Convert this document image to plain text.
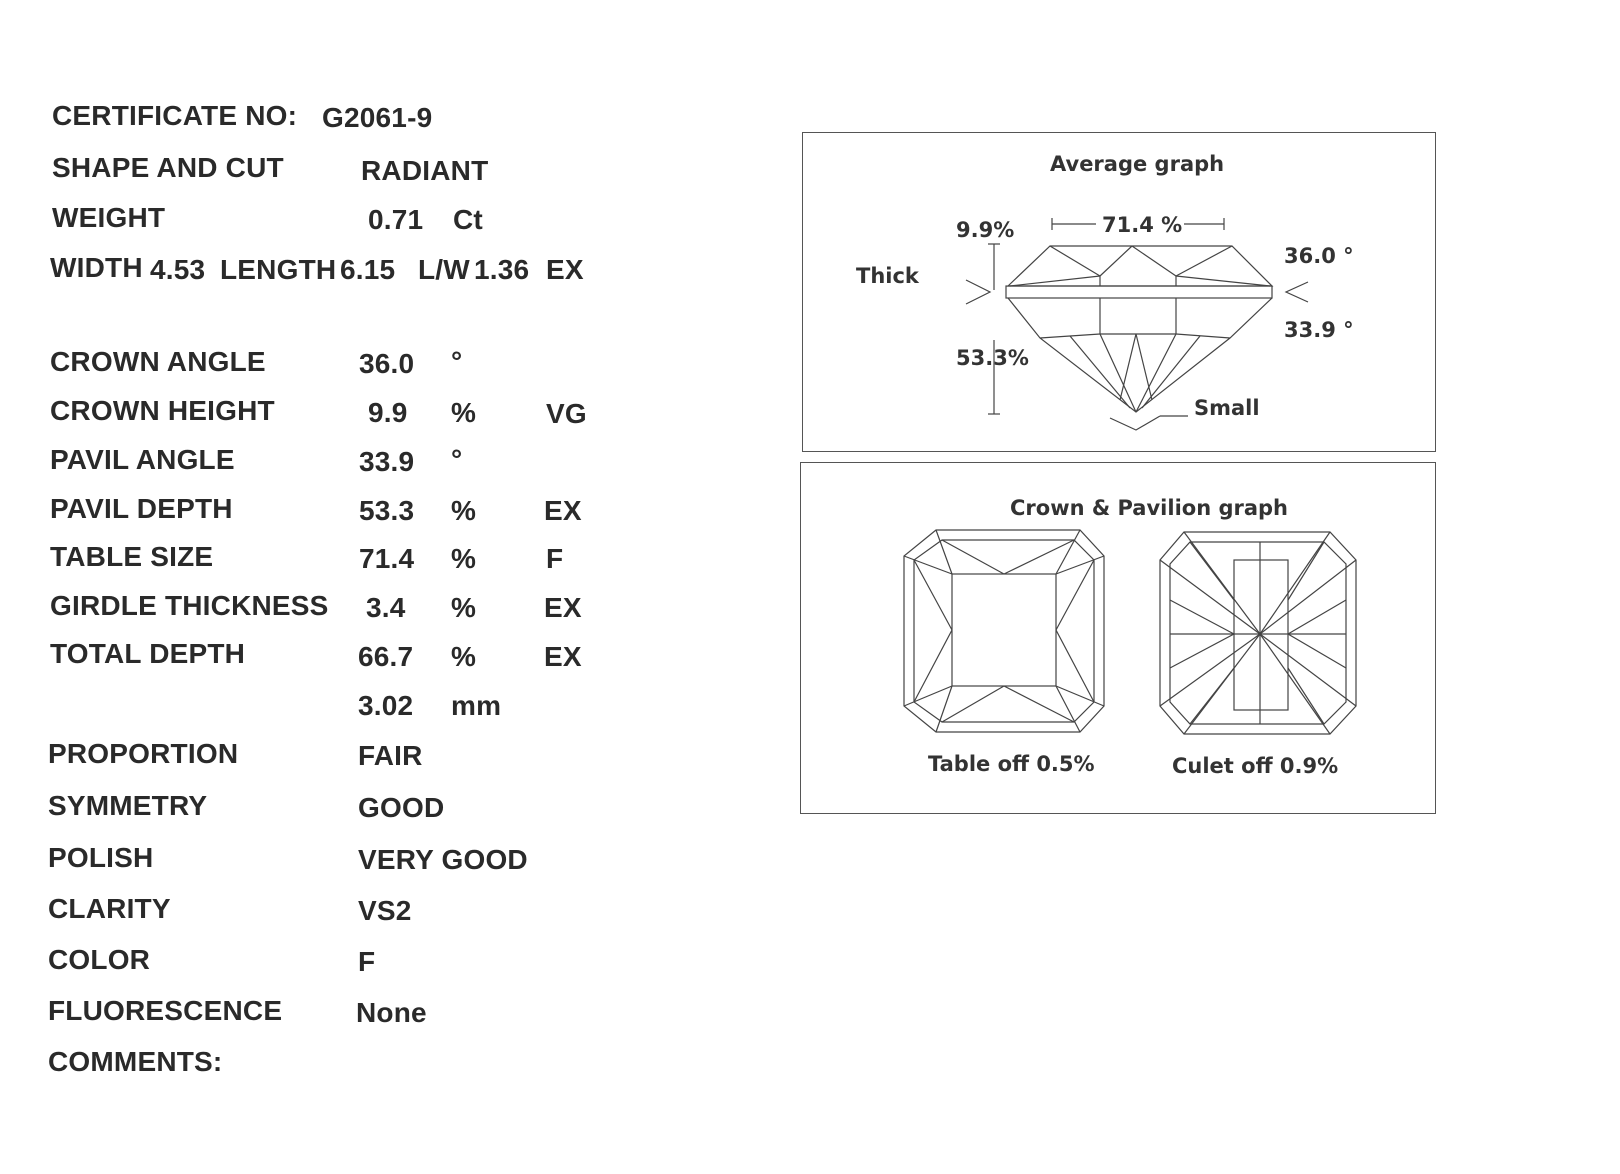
CERTIFICATE NO: G2061-9
SHAPE AND CUT	RADIANT
WEIGHT	0.71 Ct
WIDTH 4.53 LENGTH 6.15 L/W 1.36 EX
CROWN ANGLE	36.0 °
CROWN HEIGHT	9.9 % VG
PAVIL ANGLE	33.9 °
PAVIL DEPTH	53.3 % EX
TABLE SIZE	71.4 % F
GIRDLE THICKNESS 3.4 % EX
TOTAL DEPTH	66.7 % EX
3.02 mm
PROPORTION	FAIR
SYMMETRY	GOOD
POLISH	VERY GOOD
CLARITY	VS2
COLOR	F
FLUORESCENCE	None
COMMENTS:
Average graph
9.9%	71.4 %
36.0 °
33.9 °
Thick
53.3%
Small
Crown & Pavilion graph
Table off 0.5%	Culet off 0.9%
